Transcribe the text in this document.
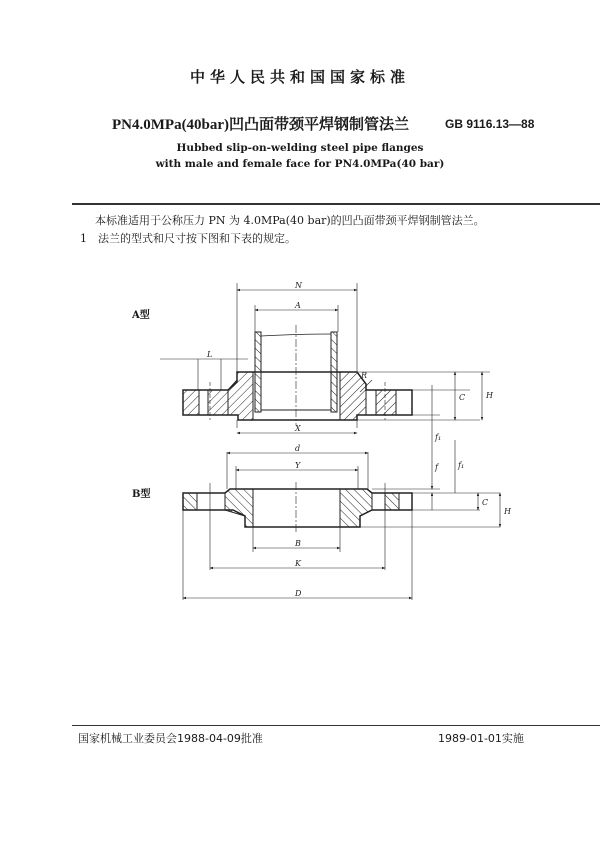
中华人民共和国国家标准
PN4.0MPa(40bar)凹凸面带颈平焊钢制管法兰	GB 9116.13—88
Hubbed slip-on-welding steel pipe flanges
with male and female face for PN4.0MPa(40 bar)
本标准适用于公称压力 PN 为 4.0MPa(40 bar)的凹凸面带颈平焊钢制管法兰。
1 法兰的型式和尺寸按下图和下表的规定。
A型
B型
N
A
L
R
C	H
X
f₁
d
Y	f	f₁
C
H
B
K
D
国家机械工业委员会1988-04-09批准	1989-01-01实施
